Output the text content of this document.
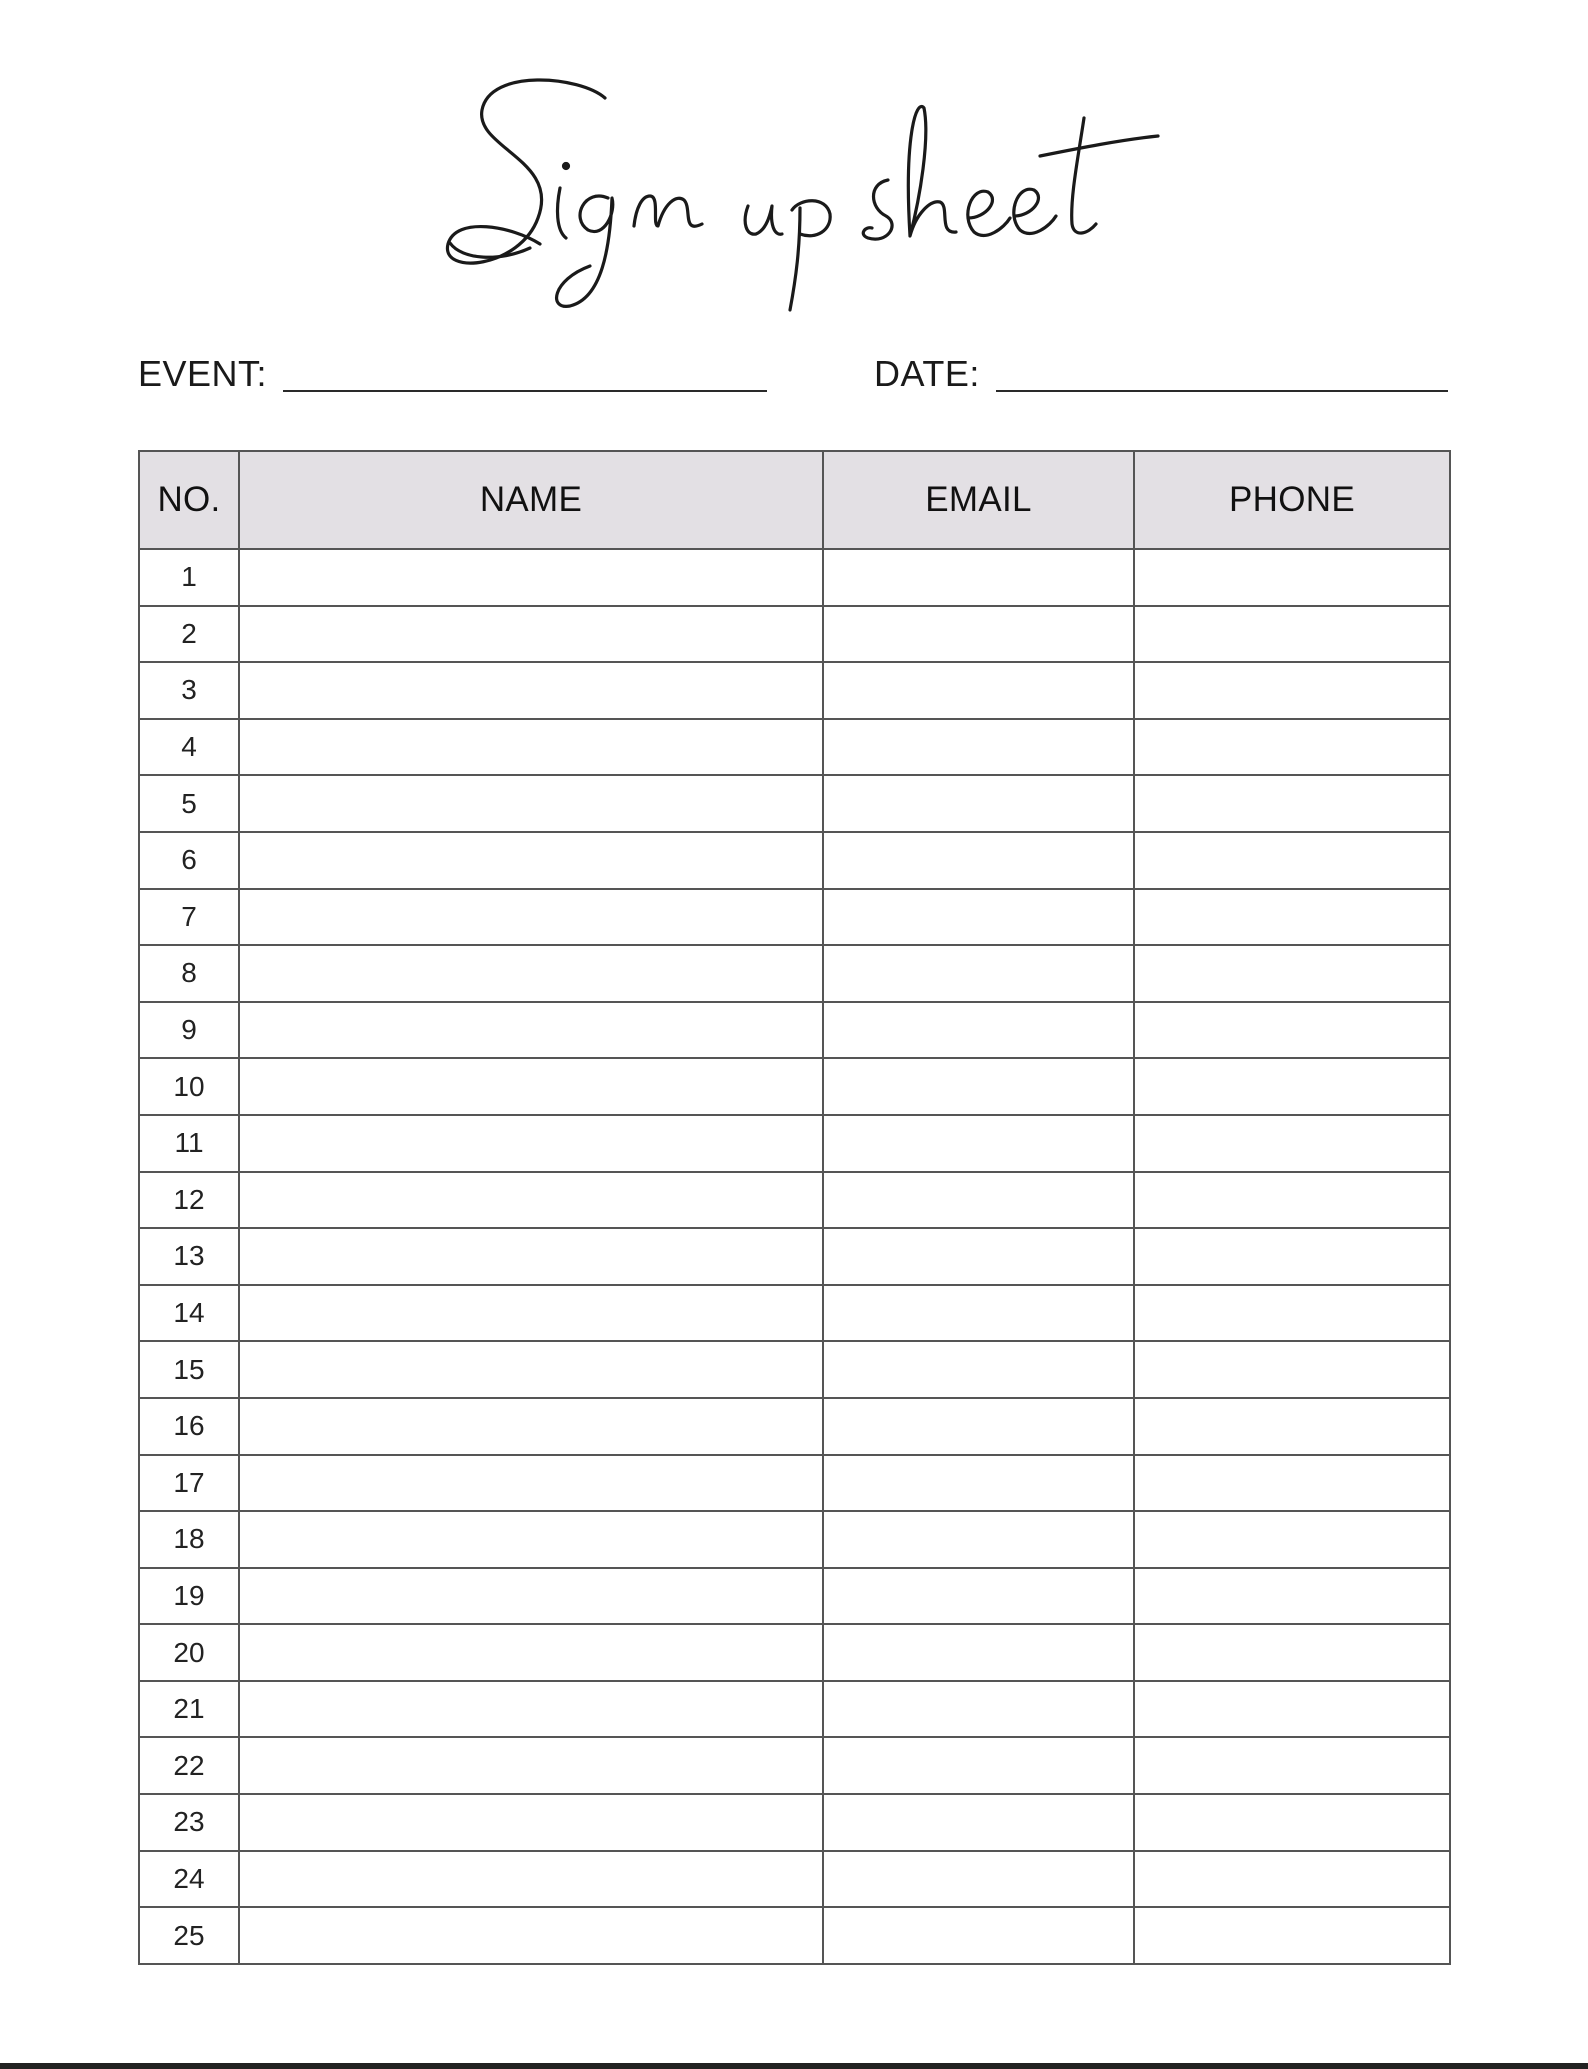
EVENT:	DATE:
NO.	NAME	EMAIL	PHONE
1			
2			
3			
4			
5			
6			
7			
8			
9			
10			
11			
12			
13			
14			
15			
16			
17			
18			
19			
20			
21			
22			
23			
24			
25			
